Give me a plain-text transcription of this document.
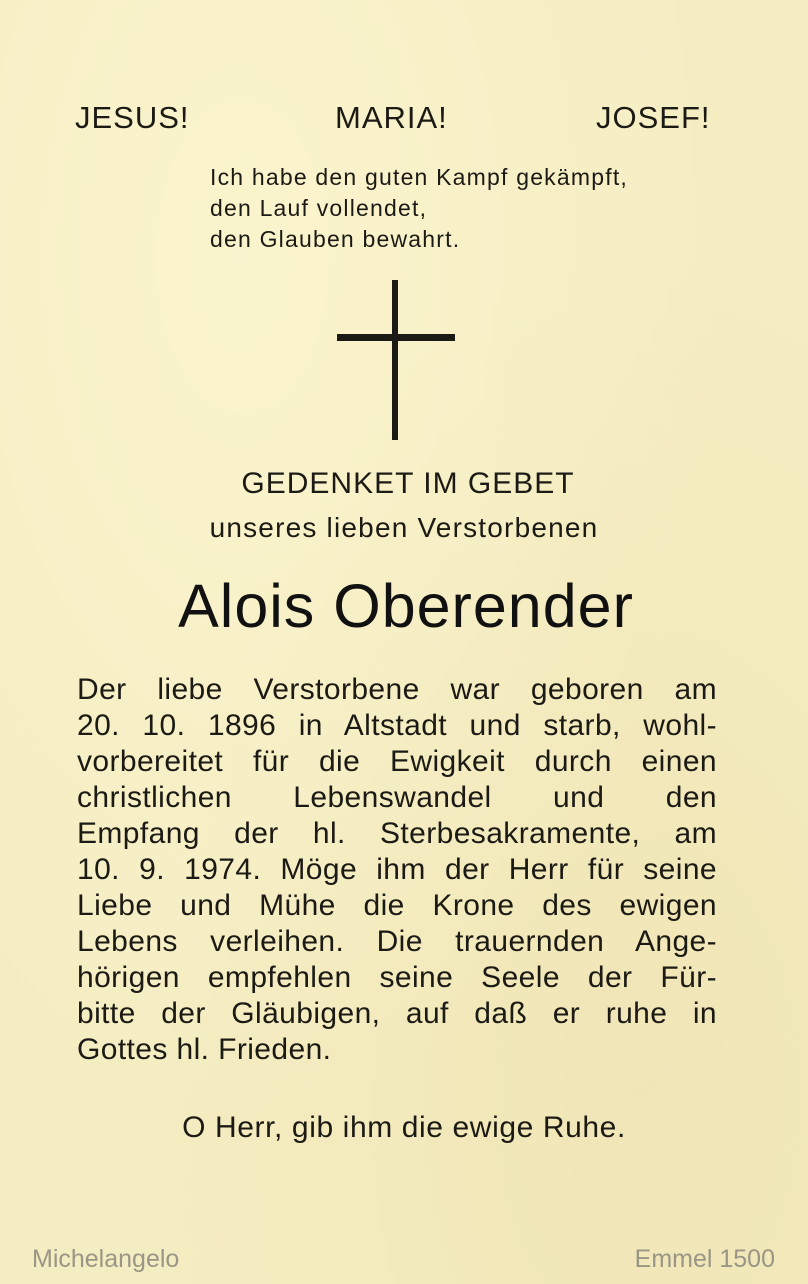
JESUS!	MARIA!	JOSEF!
Ich habe den guten Kampf gekämpft,
den Lauf vollendet,
den Glauben bewahrt.
GEDENKET IM GEBET
unseres lieben Verstorbenen
Alois Oberender
Der liebe Verstorbene war geboren am
20. 10. 1896 in Altstadt und starb, wohl-
vorbereitet für die Ewigkeit durch einen
christlichen Lebenswandel und den
Empfang der hl. Sterbesakramente, am
10. 9. 1974. Möge ihm der Herr für seine
Liebe und Mühe die Krone des ewigen
Lebens verleihen. Die trauernden Ange-
hörigen empfehlen seine Seele der Für-
bitte der Gläubigen, auf daß er ruhe in
Gottes hl. Frieden.
O Herr, gib ihm die ewige Ruhe.
Michelangelo	Emmel 1500
